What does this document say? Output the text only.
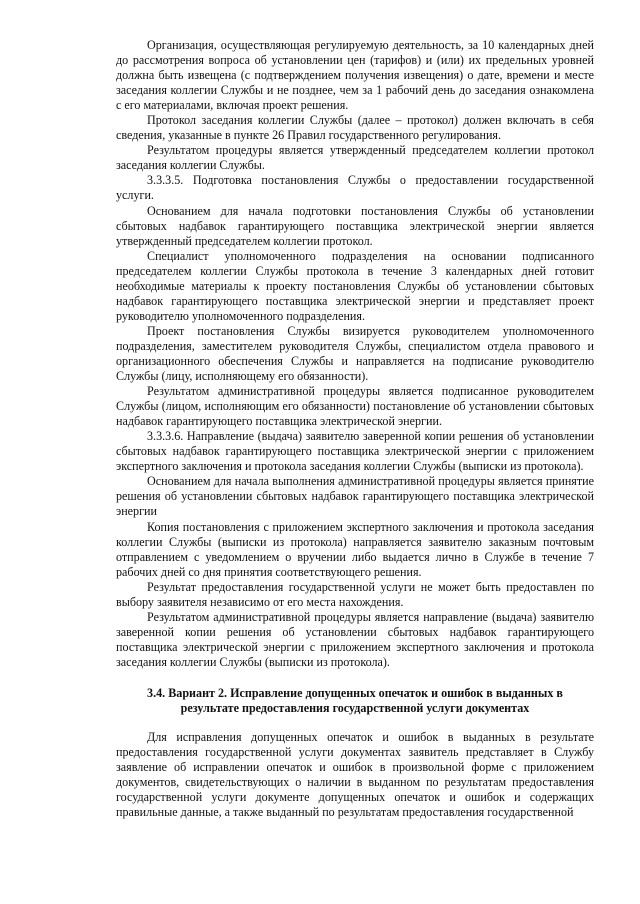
Организация, осуществляющая регулируемую деятельность, за 10 календарных дней до рассмотрения вопроса об установлении цен (тарифов) и (или) их предельных уровней должна быть извещена (с подтверждением получения извещения) о дате, времени и месте заседания коллегии Службы и не позднее, чем за 1 рабочий день до заседания ознакомлена с его материалами, включая проект решения.

Протокол заседания коллегии Службы (далее – протокол) должен включать в себя сведения, указанные в пункте 26 Правил государственного регулирования.

Результатом процедуры является утвержденный председателем коллегии протокол заседания коллегии Службы.

3.3.3.5. Подготовка постановления Службы о предоставлении государственной услуги.

Основанием для начала подготовки постановления Службы об установлении сбытовых надбавок гарантирующего поставщика электрической энергии является утвержденный председателем коллегии протокол.

Специалист уполномоченного подразделения на основании подписанного председателем коллегии Службы протокола в течение 3 календарных дней готовит необходимые материалы к проекту постановления Службы об установлении сбытовых надбавок гарантирующего поставщика электрической энергии и представляет проект руководителю уполномоченного подразделения.

Проект постановления Службы визируется руководителем уполномоченного подразделения, заместителем руководителя Службы, специалистом отдела правового и организационного обеспечения Службы и направляется на подписание руководителю Службы (лицу, исполняющему его обязанности).

Результатом административной процедуры является подписанное руководителем Службы (лицом, исполняющим его обязанности) постановление об установлении сбытовых надбавок гарантирующего поставщика электрической энергии.

3.3.3.6. Направление (выдача) заявителю заверенной копии решения об установлении сбытовых надбавок гарантирующего поставщика электрической энергии с приложением экспертного заключения и протокола заседания коллегии Службы (выписки из протокола).

Основанием для начала выполнения административной процедуры является принятие решения об установлении сбытовых надбавок гарантирующего поставщика электрической энергии

Копия постановления с приложением экспертного заключения и протокола заседания коллегии Службы (выписки из протокола) направляется заявителю заказным почтовым отправлением с уведомлением о вручении либо выдается лично в Службе в течение 7 рабочих дней со дня принятия соответствующего решения.

Результат предоставления государственной услуги не может быть предоставлен по выбору заявителя независимо от его места нахождения.

Результатом административной процедуры является направление (выдача) заявителю заверенной копии решения об установлении сбытовых надбавок гарантирующего поставщика электрической энергии с приложением экспертного заключения и протокола заседания коллегии Службы (выписки из протокола).

3.4. Вариант 2. Исправление допущенных опечаток и ошибок в выданных в результате предоставления государственной услуги документах

Для исправления допущенных опечаток и ошибок в выданных в результате предоставления государственной услуги документах заявитель представляет в Службу заявление об исправлении опечаток и ошибок в произвольной форме с приложением документов, свидетельствующих о наличии в выданном по результатам предоставления государственной услуги документе допущенных опечаток и ошибок и содержащих правильные данные, а также выданный по результатам предоставления государственной
